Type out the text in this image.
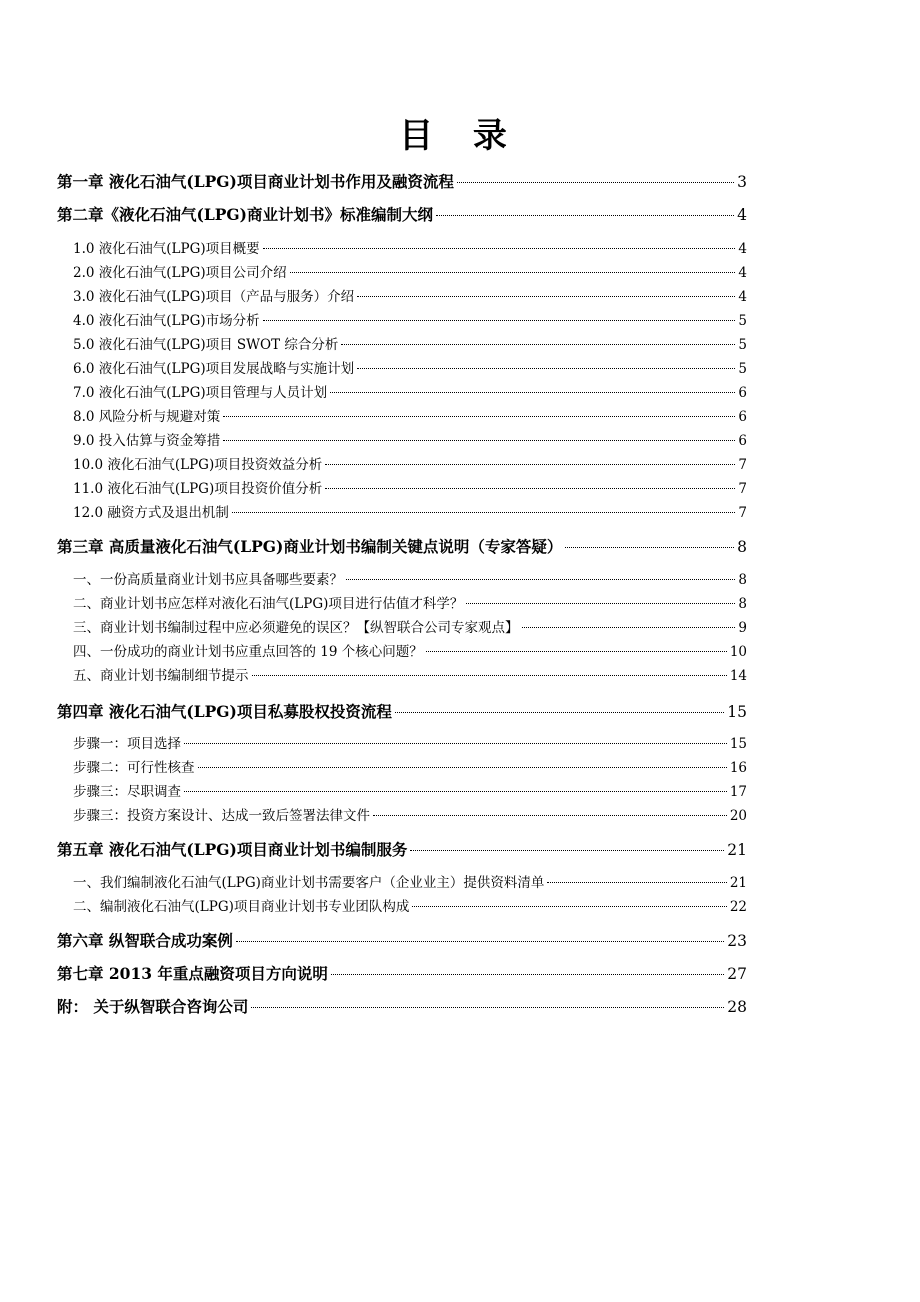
目 录
第一章 液化石油气(LPG)项目商业计划书作用及融资流程	3
第二章《液化石油气(LPG)商业计划书》标准编制大纲	4
1.0 液化石油气(LPG)项目概要	4
2.0 液化石油气(LPG)项目公司介绍	4
3.0 液化石油气(LPG)项目（产品与服务）介绍	4
4.0 液化石油气(LPG)市场分析	5
5.0 液化石油气(LPG)项目 SWOT 综合分析	5
6.0 液化石油气(LPG)项目发展战略与实施计划	5
7.0 液化石油气(LPG)项目管理与人员计划	6
8.0 风险分析与规避对策	6
9.0 投入估算与资金筹措	6
10.0 液化石油气(LPG)项目投资效益分析	7
11.0 液化石油气(LPG)项目投资价值分析	7
12.0 融资方式及退出机制	7
第三章 高质量液化石油气(LPG)商业计划书编制关键点说明（专家答疑）	8
一、一份高质量商业计划书应具备哪些要素？	8
二、商业计划书应怎样对液化石油气(LPG)项目进行估值才科学？	8
三、商业计划书编制过程中应必须避免的误区？【纵智联合公司专家观点】	9
四、一份成功的商业计划书应重点回答的 19 个核心问题？	10
五、商业计划书编制细节提示	14
第四章 液化石油气(LPG)项目私募股权投资流程	15
步骤一：项目选择	15
步骤二：可行性核查	16
步骤三：尽职调查	17
步骤三：投资方案设计、达成一致后签署法律文件	20
第五章 液化石油气(LPG)项目商业计划书编制服务	21
一、我们编制液化石油气(LPG)商业计划书需要客户（企业业主）提供资料清单	21
二、编制液化石油气(LPG)项目商业计划书专业团队构成	22
第六章 纵智联合成功案例	23
第七章 2013 年重点融资项目方向说明	27
附： 关于纵智联合咨询公司	28
